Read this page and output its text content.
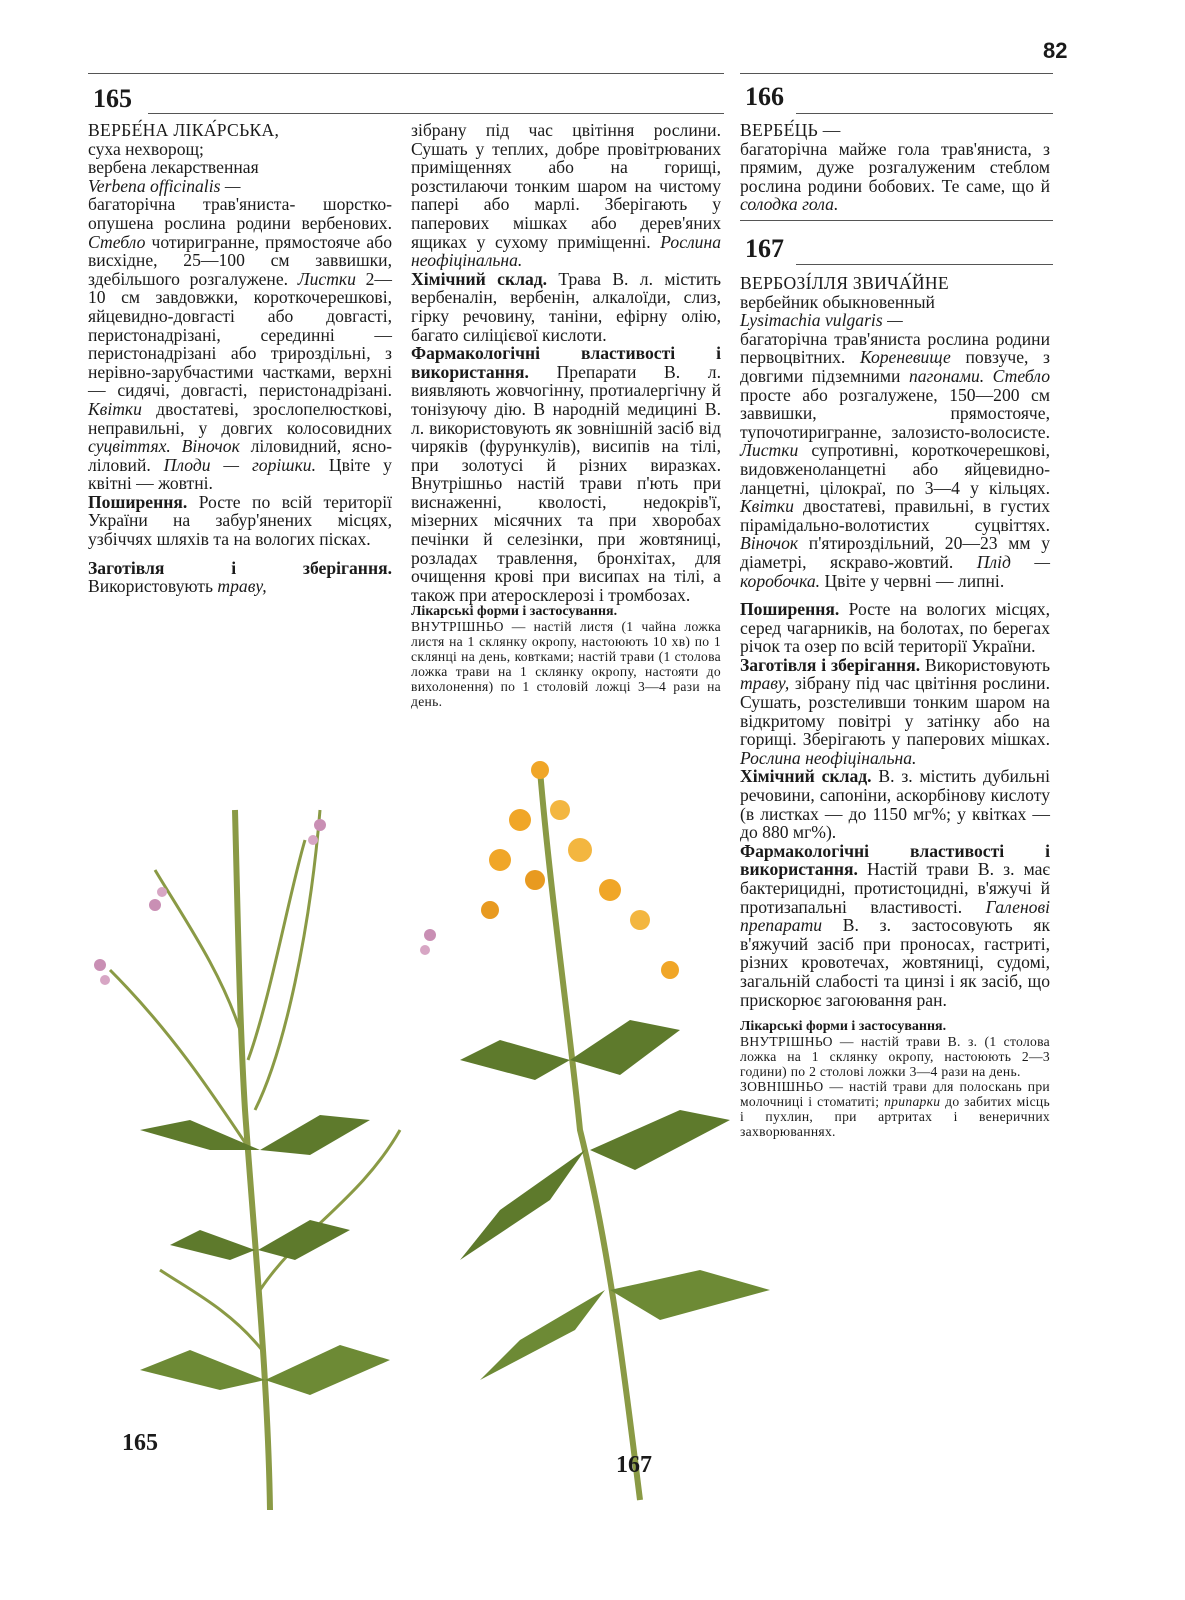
82
165	166
167

ВЕРБЕ́НА ЛІКА́РСЬКА,

суха нехворощ;

вербена лекарственная

Verbena officinalis —

багаторічна трав'яниста- шорстко-опушена рослина родини вербенових. Стебло чотиригранне, прямостояче або висхідне, 25—100 см заввишки, здебільшого розгалужене. Листки 2—10 см завдовжки, короткочерешкові, яйцевидно-довгасті або довгасті, перистонадрізані, серединні — перистонадрізані або трироздільні, з нерівно-зарубчастими частками, верхні — сидячі, довгасті, перистонадрізані. Квітки двостатеві, зрослопелюсткові, неправильні, у довгих колосовидних суцвіттях. Віночок ліловидний, ясно-ліловий. Плоди — горішки. Цвіте у квітні — жовтні.

Поширення. Росте по всій території України на забур'янених місцях, узбіччях шляхів та на вологих пісках.

Заготівля і зберігання. Використовують траву,

зібрану під час цвітіння рослини. Сушать у теплих, добре провітрюваних приміщеннях або на горищі, розстилаючи тонким шаром на чистому папері або марлі. Зберігають у паперових мішках або дерев'яних ящиках у сухому приміщенні. Рослина неофіцінальна.

Хімічний склад. Трава В. л. містить вербеналін, вербенін, алкалоїди, слиз, гірку речовину, таніни, ефірну олію, багато силіцієвої кислоти.

Фармакологічні властивості і використання. Препарати В. л. виявляють жовчогінну, протиалергічну й тонізуючу дію. В народній медицині В. л. використовують як зовнішній засіб від чиряків (фурункулів), висипів на тілі, при золотусі й різних виразках. Внутрішньо настій трави п'ють при виснаженні, кволості, недокрів'ї, мізерних місячних та при хворобах печінки й селезінки, при жовтяниці, розладах травлення, бронхітах, для очищення крові при висипах на тілі, а також при атеросклерозі і тромбозах.

Лікарські форми і застосування.

ВНУТРІШНЬО — настій листя (1 чайна ложка листя на 1 склянку окропу, настоюють 10 хв) по 1 склянці на день, ковтками; настій трави (1 столова ложка трави на 1 склянку окропу, настояти до вихолонення) по 1 столовій ложці 3—4 рази на день.

ВЕРБЕ́ЦЬ —

багаторічна майже гола трав'яниста, з прямим, дуже розгалуженим стеблом рослина родини бобових. Те саме, що й солодка гола.

ВЕРБОЗІ́ЛЛЯ ЗВИЧА́ЙНЕ

вербейник обыкновенный

Lysimachia vulgaris —

багаторічна трав'яниста рослина родини первоцвітних. Кореневище повзуче, з довгими підземними пагонами. Стебло просте або розгалужене, 150—200 см заввишки, прямостояче, тупочотиригранне, залозисто-волосисте. Листки супротивні, короткочерешкові, видовженоланцетні або яйцевидно-ланцетні, цілокраї, по 3—4 у кільцях. Квітки двостатеві, правильні, в густих пірамідально-волотистих суцвіттях. Віночок п'ятироздільний, 20—23 мм у діаметрі, яскраво-жовтий. Плід — коробочка. Цвіте у червні — липні.

Поширення. Росте на вологих місцях, серед чагарників, на болотах, по берегах річок та озер по всій території України.

Заготівля і зберігання. Використовують траву, зібрану під час цвітіння рослини. Сушать, розстеливши тонким шаром на відкритому повітрі у затінку або на горищі. Зберігають у паперових мішках. Рослина неофіцінальна.

Хімічний склад. В. з. містить дубильні речовини, сапоніни, аскорбінову кислоту (в листках — до 1150 мг%; у квітках — до 880 мг%).

Фармакологічні властивості і використання. Настій трави В. з. має бактерицидні, протистоцидні, в'яжучі й протизапальні властивості. Галенові препарати В. з. застосовують як в'яжучий засіб при проносах, гастриті, різних кровотечах, жовтяниці, судомі, загальній слабості та цинзі і як засіб, що прискорює загоювання ран.

Лікарські форми і застосування.

ВНУТРІШНЬО — настій трави В. з. (1 столова ложка на 1 склянку окропу, настоюють 2—3 години) по 2 столові ложки 3—4 рази на день.

ЗОВНІШНЬО — настій трави для полоскань при молочниці і стоматиті; припарки до забитих місць і пухлин, при артритах і венеричних захворюваннях.

165
167
